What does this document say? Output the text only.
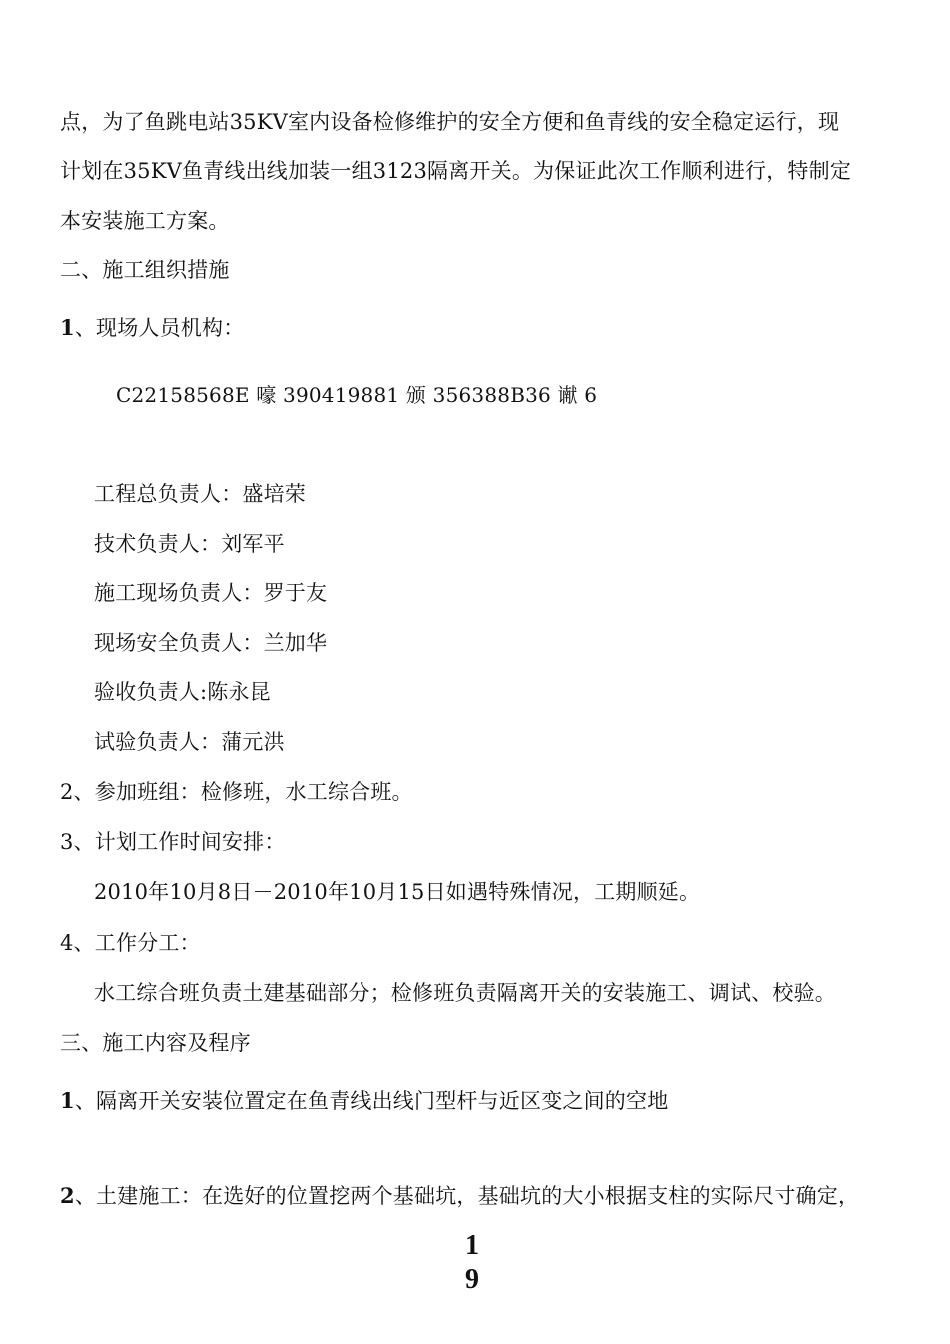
点，为了鱼跳电站35KV室内设备检修维护的安全方便和鱼青线的安全稳定运行，现
计划在35KV鱼青线出线加装一组3123隔离开关。为保证此次工作顺利进行，特制定
本安装施工方案。
二、施工组织措施
1、现场人员机构：
C22158568E 嚎 390419881 颁 356388B36 谳 6
工程总负责人：盛培荣
技术负责人：刘军平
施工现场负责人：罗于友
现场安全负责人：兰加华
验收负责人:陈永昆
试验负责人：蒲元洪
2、参加班组：检修班，水工综合班。
3、计划工作时间安排：
2010年10月8日－2010年10月15日如遇特殊情况，工期顺延。
4、工作分工：
水工综合班负责土建基础部分；检修班负责隔离开关的安装施工、调试、校验。
三、施工内容及程序
1、隔离开关安装位置定在鱼青线出线门型杆与近区变之间的空地
2、土建施工：在选好的位置挖两个基础坑，基础坑的大小根据支柱的实际尺寸确定，
1
9
